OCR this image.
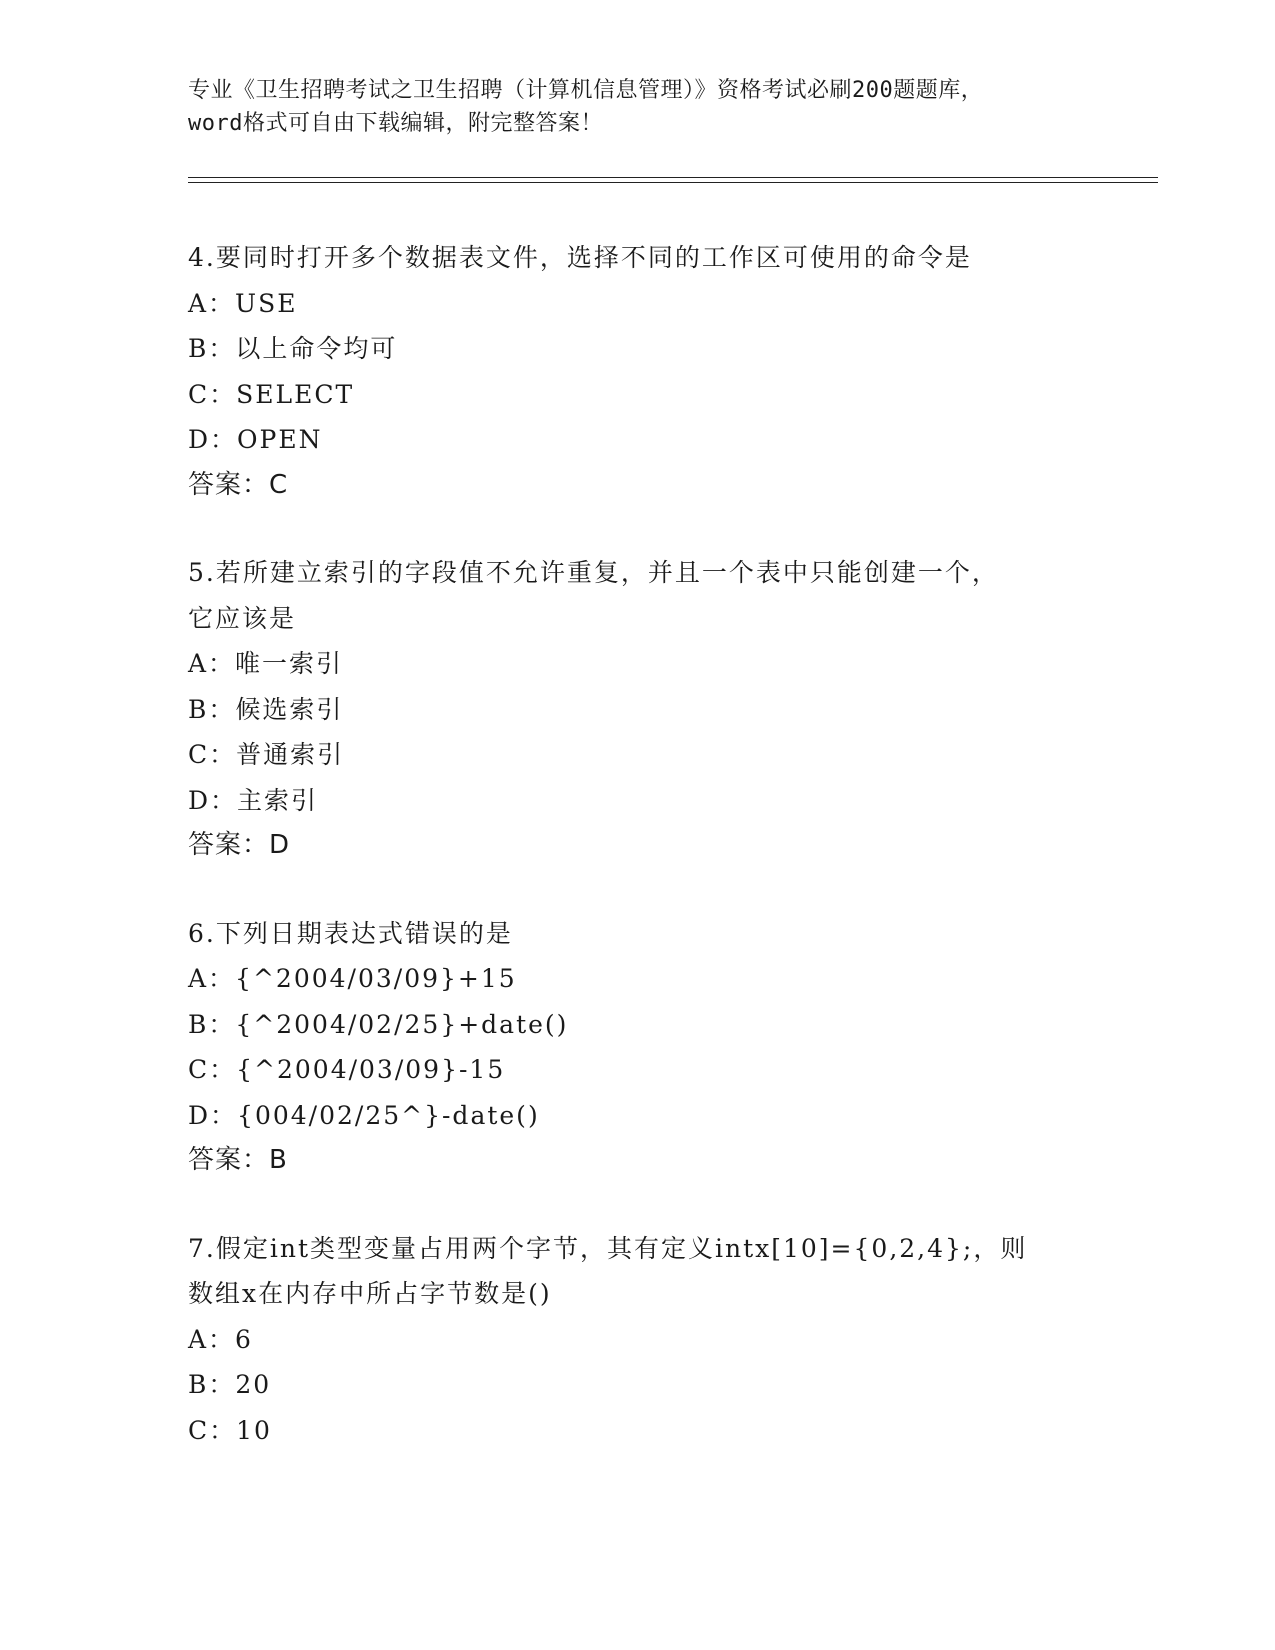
专业《卫生招聘考试之卫生招聘（计算机信息管理）》资格考试必刷200题题库，
word格式可自由下载编辑，附完整答案！
4.要同时打开多个数据表文件，选择不同的工作区可使用的命令是
A：USE
B：以上命令均可
C：SELECT
D：OPEN
答案：C
5.若所建立索引的字段值不允许重复，并且一个表中只能创建一个，
它应该是
A：唯一索引
B：候选索引
C：普通索引
D：主索引
答案：D
6.下列日期表达式错误的是
A：{^2004/03/09}+15
B：{^2004/02/25}+date()
C：{^2004/03/09}-15
D：{004/02/25^}-date()
答案：B
7.假定int类型变量占用两个字节，其有定义intx[10]={0,2,4};，则
数组x在内存中所占字节数是()
A：6
B：20
C：10
